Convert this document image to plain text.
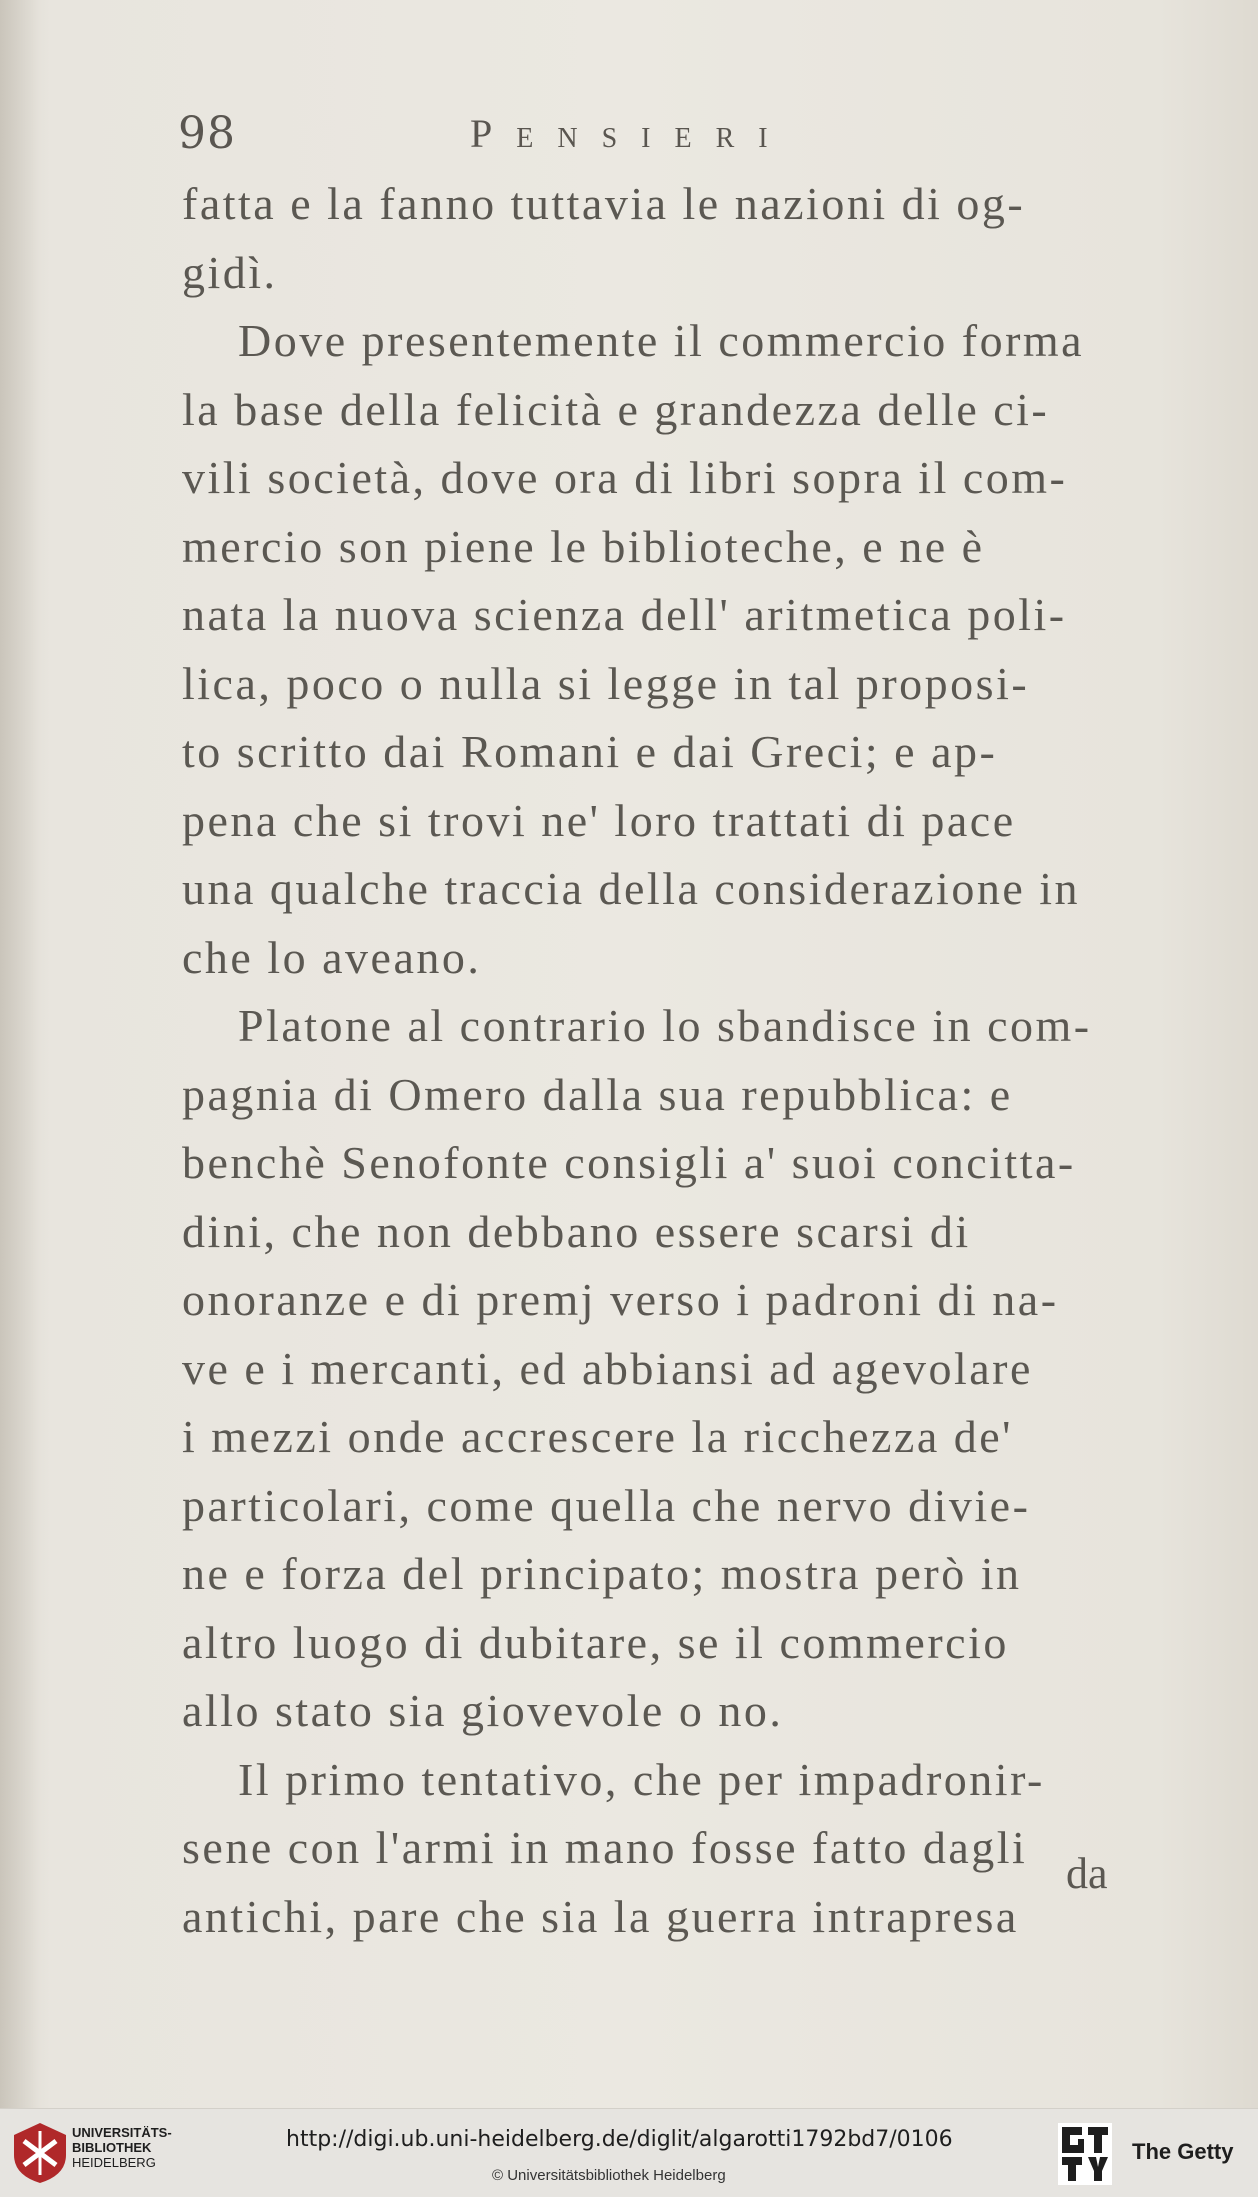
98	Pensieri
fatta e la fanno tuttavia le nazioni di og-
gidì.
Dove presentemente il commercio forma
la base della felicità e grandezza delle ci-
vili società, dove ora di libri sopra il com-
mercio son piene le biblioteche, e ne è
nata la nuova scienza dell' aritmetica poli-
lica, poco o nulla si legge in tal proposi-
to scritto dai Romani e dai Greci; e ap-
pena che si trovi ne' loro trattati di pace
una qualche traccia della considerazione in
che lo aveano.
Platone al contrario lo sbandisce in com-
pagnia di Omero dalla sua repubblica: e
benchè Senofonte consigli a' suoi concitta-
dini, che non debbano essere scarsi di
onoranze e di premj verso i padroni di na-
ve e i mercanti, ed abbiansi ad agevolare
i mezzi onde accrescere la ricchezza de'
particolari, come quella che nervo divie-
ne e forza del principato; mostra però in
altro luogo di dubitare, se il commercio
allo stato sia giovevole o no.
Il primo tentativo, che per impadronir-
sene con l'armi in mano fosse fatto dagli
antichi, pare che sia la guerra intrapresa
da
UNIVERSITÄTS-
BIBLIOTHEK
HEIDELBERG
http://digi.ub.uni-heidelberg.de/diglit/algarotti1792bd7/0106
© Universitätsbibliothek Heidelberg
The Getty
